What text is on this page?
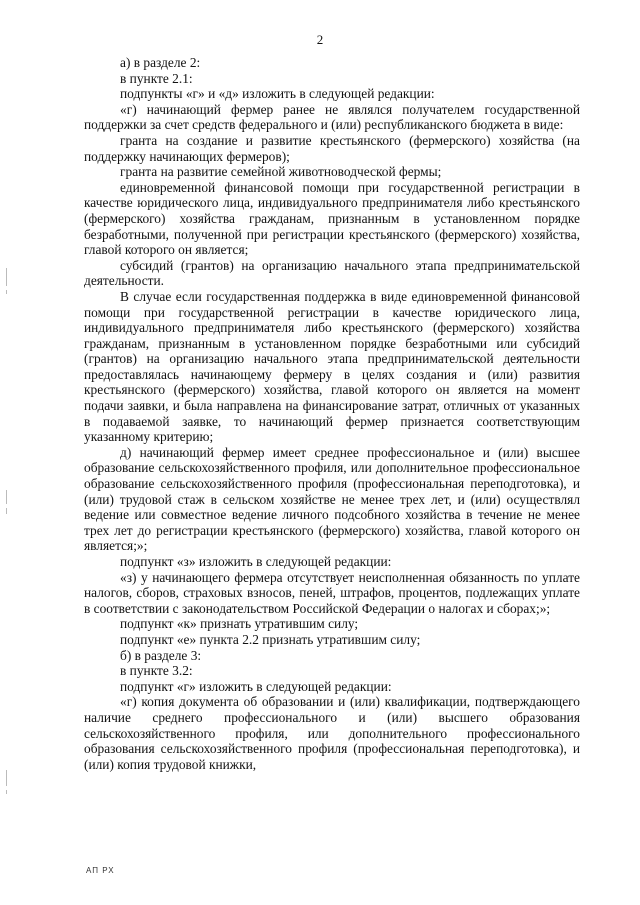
2

а) в разделе 2:

в пункте 2.1:

подпункты «г» и «д» изложить в следующей редакции:

«г) начинающий фермер ранее не являлся получателем государственной поддержки за счет средств федерального и (или) республиканского бюджета в виде:

гранта на создание и развитие крестьянского (фермерского) хозяйства (на поддержку начинающих фермеров);

гранта на развитие семейной животноводческой фермы;

единовременной финансовой помощи при государственной регистрации в качестве юридического лица, индивидуального предпринимателя либо крестьянского (фермерского) хозяйства гражданам, признанным в установленном порядке безработными, полученной при регистрации крестьянского (фермерского) хозяйства, главой которого он является;

субсидий (грантов) на организацию начального этапа предпринимательской деятельности.

В случае если государственная поддержка в виде единовременной финансовой помощи при государственной регистрации в качестве юридического лица, индивидуального предпринимателя либо крестьянского (фермерского) хозяйства гражданам, признанным в установленном порядке безработными или субсидий (грантов) на организацию начального этапа предпринимательской деятельности предоставлялась начинающему фермеру в целях создания и (или) развития крестьянского (фермерского) хозяйства, главой которого он является на момент подачи заявки, и была направлена на финансирование затрат, отличных от указанных в подаваемой заявке, то начинающий фермер признается соответствующим указанному критерию;

д) начинающий фермер имеет среднее профессиональное и (или) высшее образование сельскохозяйственного профиля, или дополнительное профессиональное образование сельскохозяйственного профиля (профессиональная переподготовка), и (или) трудовой стаж в сельском хозяйстве не менее трех лет, и (или) осуществлял ведение или совместное ведение личного подсобного хозяйства в течение не менее трех лет до регистрации крестьянского (фермерского) хозяйства, главой которого он является;»;

подпункт «з» изложить в следующей редакции:

«з) у начинающего фермера отсутствует неисполненная обязанность по уплате налогов, сборов, страховых взносов, пеней, штрафов, процентов, подлежащих уплате в соответствии с законодательством Российской Федерации о налогах и сборах;»;

подпункт «к» признать утратившим силу;

подпункт «е» пункта 2.2 признать утратившим силу;

б) в разделе 3:

в пункте 3.2:

подпункт «г» изложить в следующей редакции:

«г) копия документа об образовании и (или) квалификации, подтверждающего наличие среднего профессионального и (или) высшего образования сельскохозяйственного профиля, или дополнительного профессионального образования сельскохозяйственного профиля (профессиональная переподготовка), и (или) копия трудовой книжки,

АП РХ
